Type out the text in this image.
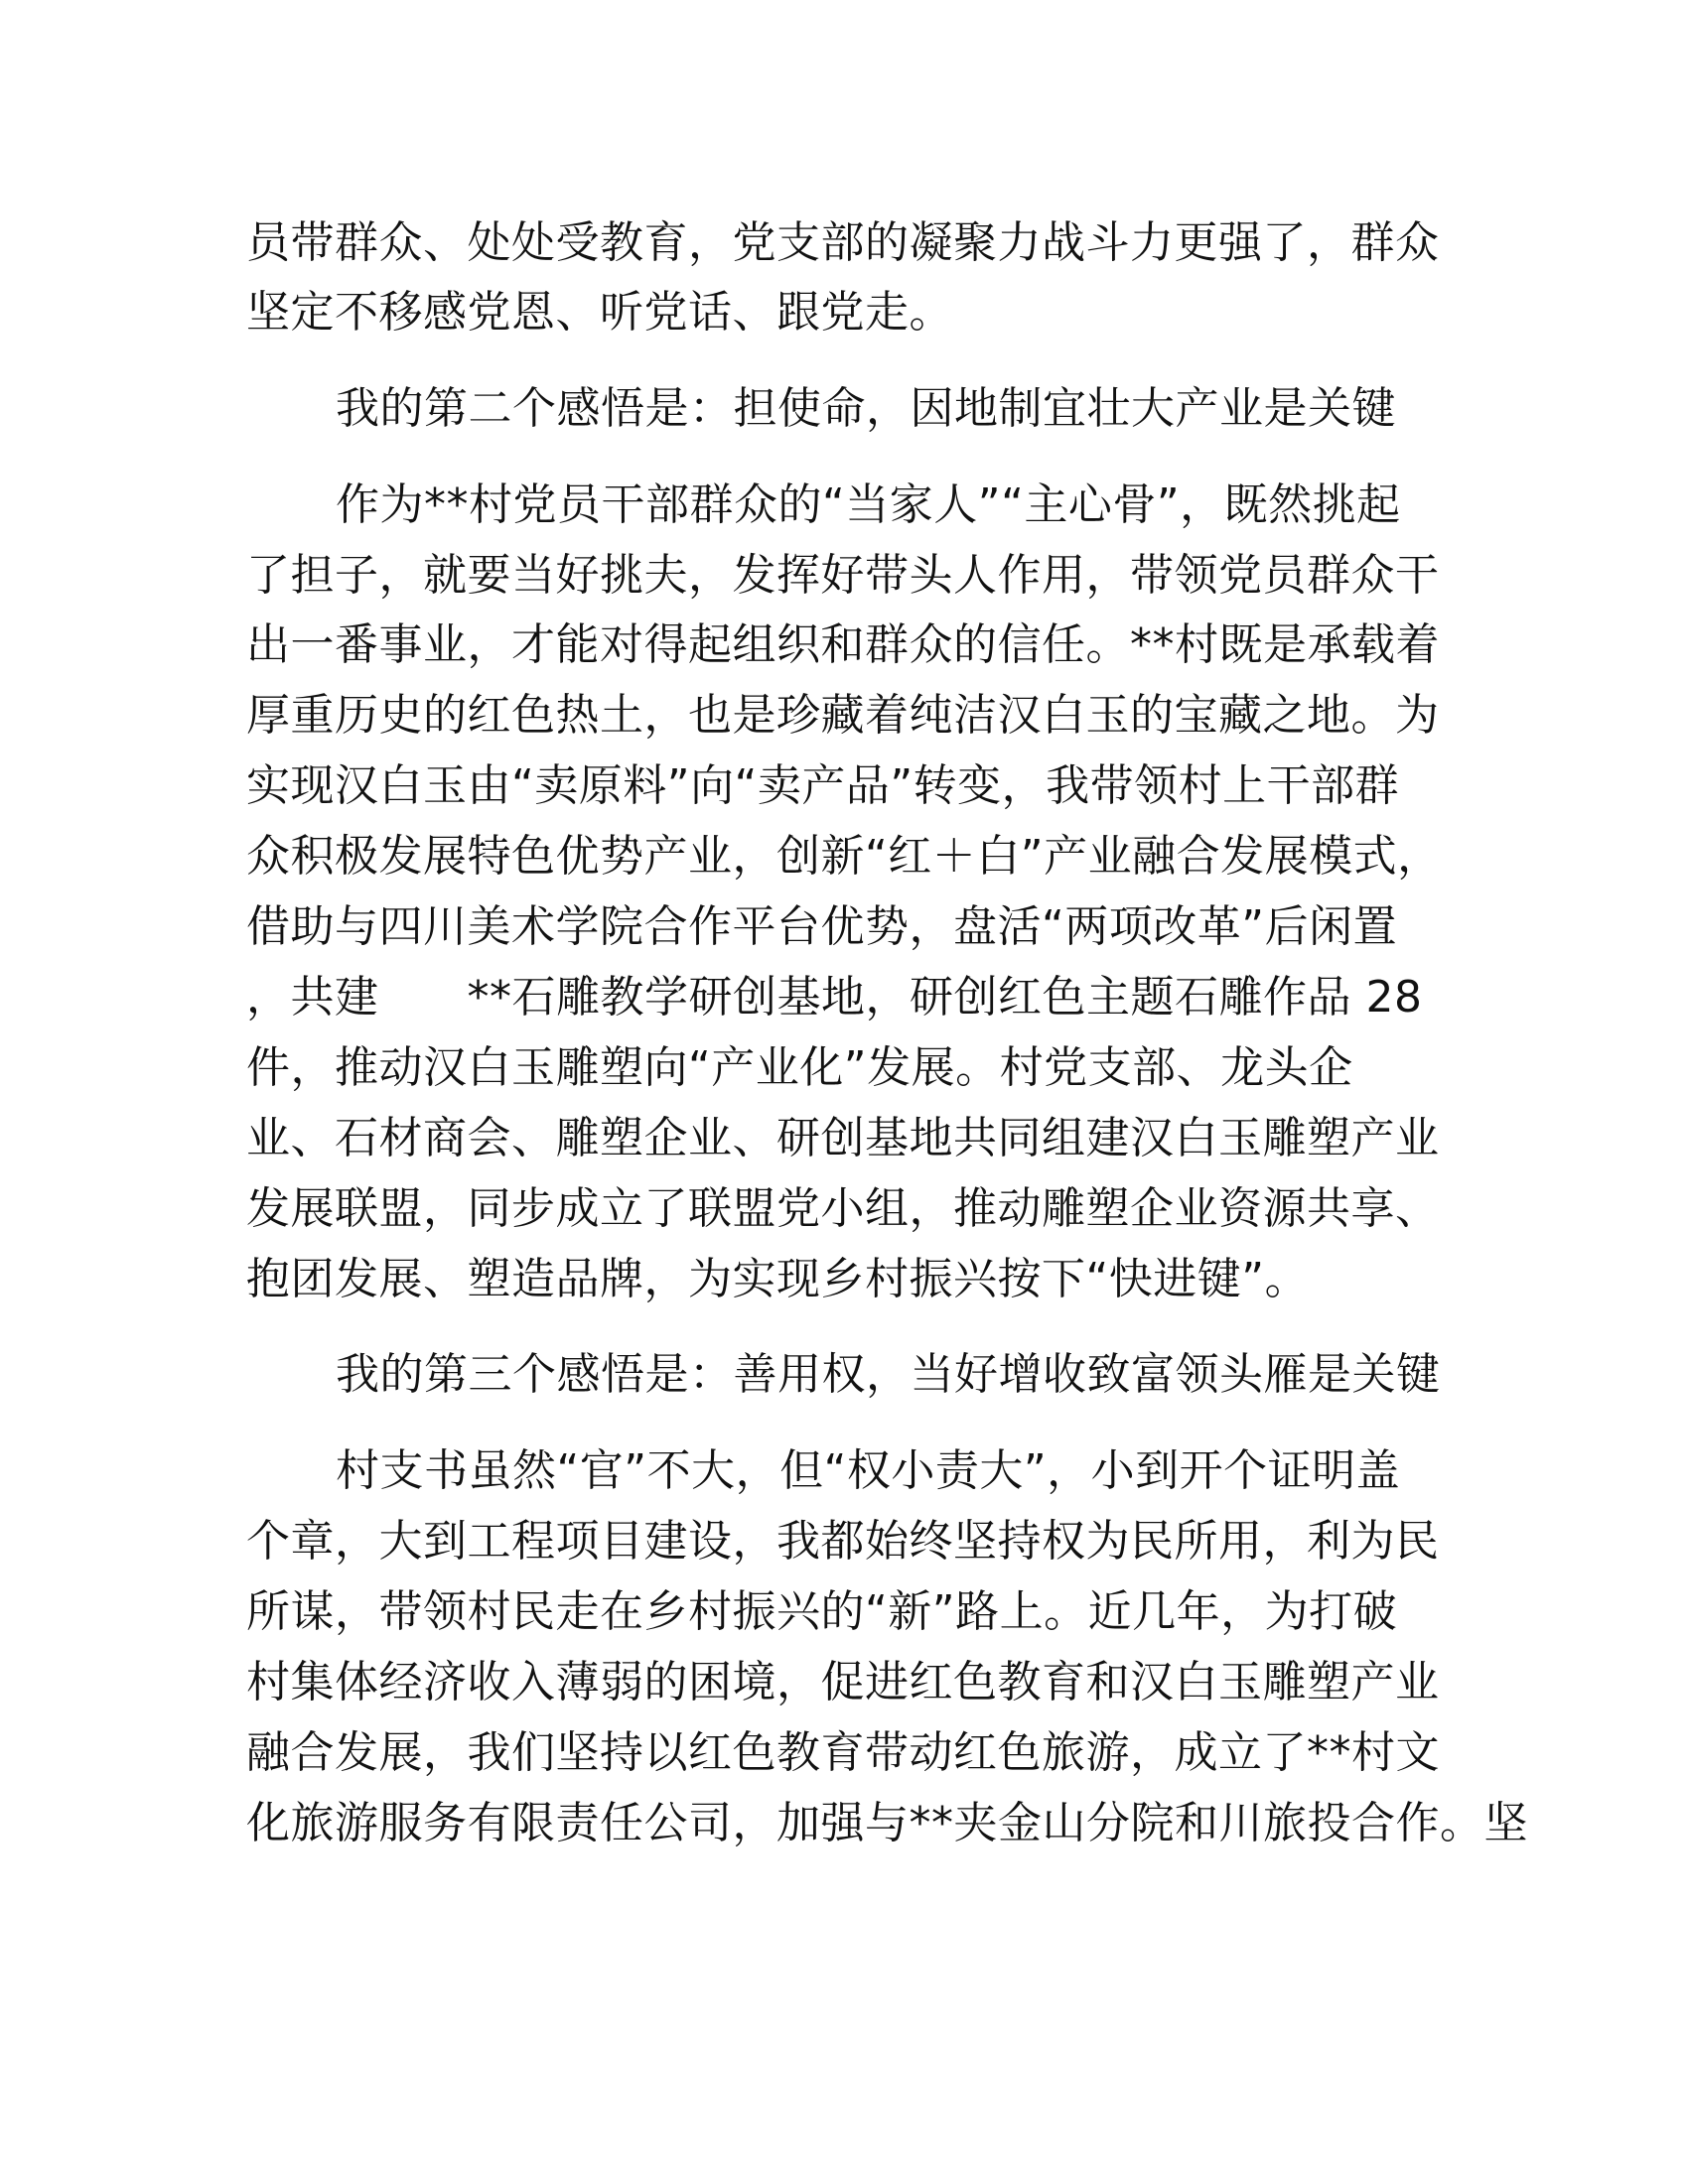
员带群众、处处受教育，党支部的凝聚力战斗力更强了，群众
坚定不移感党恩、听党话、跟党走。
我的第二个感悟是：担使命，因地制宜壮大产业是关键
作为**村党员干部群众的“当家人”“主心骨”，既然挑起
了担子，就要当好挑夫，发挥好带头人作用，带领党员群众干
出一番事业，才能对得起组织和群众的信任。**村既是承载着
厚重历史的红色热土，也是珍藏着纯洁汉白玉的宝藏之地。为
实现汉白玉由“卖原料”向“卖产品”转变，我带领村上干部群
众积极发展特色优势产业，创新“红＋白”产业融合发展模式，
借助与四川美术学院合作平台优势，盘活“两项改革”后闲置
，共建　　**石雕教学研创基地，研创红色主题石雕作品 28
件，推动汉白玉雕塑向“产业化”发展。村党支部、龙头企
业、石材商会、雕塑企业、研创基地共同组建汉白玉雕塑产业
发展联盟，同步成立了联盟党小组，推动雕塑企业资源共享、
抱团发展、塑造品牌，为实现乡村振兴按下“快进键”。
我的第三个感悟是：善用权，当好增收致富领头雁是关键
村支书虽然“官”不大，但“权小责大”，小到开个证明盖
个章，大到工程项目建设，我都始终坚持权为民所用，利为民
所谋，带领村民走在乡村振兴的“新”路上。近几年，为打破
村集体经济收入薄弱的困境，促进红色教育和汉白玉雕塑产业
融合发展，我们坚持以红色教育带动红色旅游，成立了**村文
化旅游服务有限责任公司，加强与**夹金山分院和川旅投合作。坚
